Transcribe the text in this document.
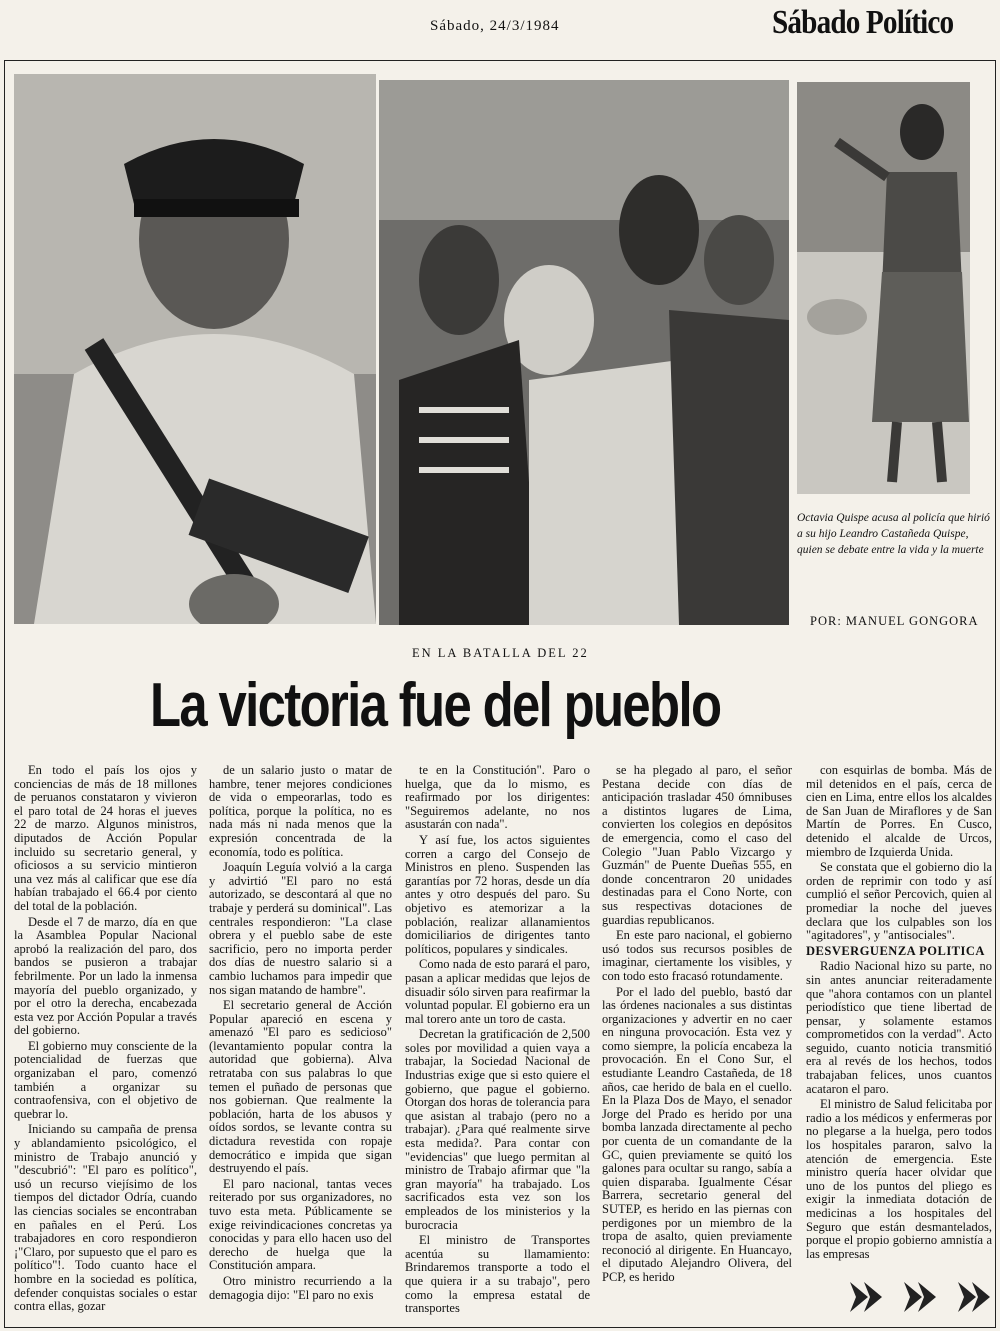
Sábado, 24/3/1984	Sábado Político
Octavia Quispe acusa al policía que hirió a su hijo Leandro Castañeda Quispe, quien se debate entre la vida y la muerte
POR: MANUEL GONGORA
EN LA BATALLA DEL 22
La victoria fue del pueblo

En todo el país los ojos y conciencias de más de 18 millones de peruanos constataron y vivieron el paro total de 24 horas el jueves 22 de marzo. Algunos ministros, diputados de Acción Popular incluido su secretario general, y oficiosos a su servicio mintieron una vez más al calificar que ese día habían trabajado el 66.4 por ciento del total de la población.

Desde el 7 de marzo, día en que la Asamblea Popular Nacional aprobó la realización del paro, dos bandos se pusieron a trabajar febrilmente. Por un lado la inmensa mayoría del pueblo organizado, y por el otro la derecha, encabezada esta vez por Acción Popular a través del gobierno.

El gobierno muy consciente de la potencialidad de fuerzas que organizaban el paro, comenzó también a organizar su contraofensiva, con el objetivo de quebrar lo.

Iniciando su campaña de prensa y ablandamiento psicológico, el ministro de Trabajo anunció y "descubrió": "El paro es político", usó un recurso viejísimo de los tiempos del dictador Odría, cuando las ciencias sociales se encontraban en pañales en el Perú. Los trabajadores en coro respondieron ¡"Claro, por supuesto que el paro es político"!. Todo cuanto hace el hombre en la sociedad es política, defender conquistas sociales o estar contra ellas, gozar

de un salario justo o matar de hambre, tener mejores condiciones de vida o empeorarlas, todo es política, porque la política, no es nada más ni nada menos que la expresión concentrada de la economía, todo es política.

Joaquín Leguía volvió a la carga y advirtió "El paro no está autorizado, se descontará al que no trabaje y perderá su dominical". Las centrales respondieron: "La clase obrera y el pueblo sabe de este sacrificio, pero no importa perder dos días de nuestro salario si a cambio luchamos para impedir que nos sigan matando de hambre".

El secretario general de Acción Popular apareció en escena y amenazó "El paro es sedicioso" (levantamiento popular contra la autoridad que gobierna). Alva retrataba con sus palabras lo que temen el puñado de personas que nos gobiernan. Que realmente la población, harta de los abusos y oídos sordos, se levante contra su dictadura revestida con ropaje democrático e impida que sigan destruyendo el país.

El paro nacional, tantas veces reiterado por sus organizadores, no tuvo esta meta. Públicamente se exige reivindicaciones concretas ya conocidas y para ello hacen uso del derecho de huelga que la Constitución ampara.

Otro ministro recurriendo a la demagogia dijo: "El paro no exis

te en la Constitución". Paro o huelga, que da lo mismo, es reafirmado por los dirigentes: "Seguiremos adelante, no nos asustarán con nada".

Y así fue, los actos siguientes corren a cargo del Consejo de Ministros en pleno. Suspenden las garantías por 72 horas, desde un día antes y otro después del paro. Su objetivo es atemorizar a la población, realizar allanamientos domiciliarios de dirigentes tanto políticos, populares y sindicales.

Como nada de esto parará el paro, pasan a aplicar medidas que lejos de disuadir sólo sirven para reafirmar la voluntad popular. El gobierno era un mal torero ante un toro de casta.

Decretan la gratificación de 2,500 soles por movilidad a quien vaya a trabajar, la Sociedad Nacional de Industrias exige que si esto quiere el gobierno, que pague el gobierno. Otorgan dos horas de tolerancia para que asistan al trabajo (pero no a trabajar). ¿Para qué realmente sirve esta medida?. Para contar con "evidencias" que luego permitan al ministro de Trabajo afirmar que "la gran mayoría" ha trabajado. Los sacrificados esta vez son los empleados de los ministerios y la burocracia

El ministro de Transportes acentúa su llamamiento: Brindaremos transporte a todo el que quiera ir a su trabajo", pero como la empresa estatal de transportes

se ha plegado al paro, el señor Pestana decide con días de anticipación trasladar 450 ómnibuses a distintos lugares de Lima, convierten los colegios en depósitos de emergencia, como el caso del Colegio "Juan Pablo Vizcargo y Guzmán" de Puente Dueñas 555, en donde concentraron 20 unidades destinadas para el Cono Norte, con sus respectivas dotaciones de guardias republicanos.

En este paro nacional, el gobierno usó todos sus recursos posibles de imaginar, ciertamente los visibles, y con todo esto fracasó rotundamente.

Por el lado del pueblo, bastó dar las órdenes nacionales a sus distintas organizaciones y advertir en no caer en ninguna provocación. Esta vez y como siempre, la policía encabeza la provocación. En el Cono Sur, el estudiante Leandro Castañeda, de 18 años, cae herido de bala en el cuello. En la Plaza Dos de Mayo, el senador Jorge del Prado es herido por una bomba lanzada directamente al pecho por cuenta de un comandante de la GC, quien previamente se quitó los galones para ocultar su rango, sabía a quien disparaba. Igualmente César Barrera, secretario general del SUTEP, es herido en las piernas con perdigones por un miembro de la tropa de asalto, quien previamente reconoció al dirigente. En Huancayo, el diputado Alejandro Olivera, del PCP, es herido

con esquirlas de bomba. Más de mil detenidos en el país, cerca de cien en Lima, entre ellos los alcaldes de San Juan de Miraflores y de San Martín de Porres. En Cusco, detenido el alcalde de Urcos, miembro de Izquierda Unida.

Se constata que el gobierno dio la orden de reprimir con todo y así cumplió el señor Percovich, quien al promediar la noche del jueves declara que los culpables son los "agitadores", y "antisociales".

DESVERGUENZA POLITICA

Radio Nacional hizo su parte, no sin antes anunciar reiteradamente que "ahora contamos con un plantel periodístico que tiene libertad de pensar, y solamente estamos comprometidos con la verdad". Acto seguido, cuanto noticia transmitió era al revés de los hechos, todos trabajaban felices, unos cuantos acataron el paro.

El ministro de Salud felicitaba por radio a los médicos y enfermeras por no plegarse a la huelga, pero todos los hospitales pararon, salvo la atención de emergencia. Este ministro quería hacer olvidar que uno de los puntos del pliego es exigir la inmediata dotación de medicinas a los hospitales del Seguro que están desmantelados, porque el propio gobierno amnistía a las empresas
